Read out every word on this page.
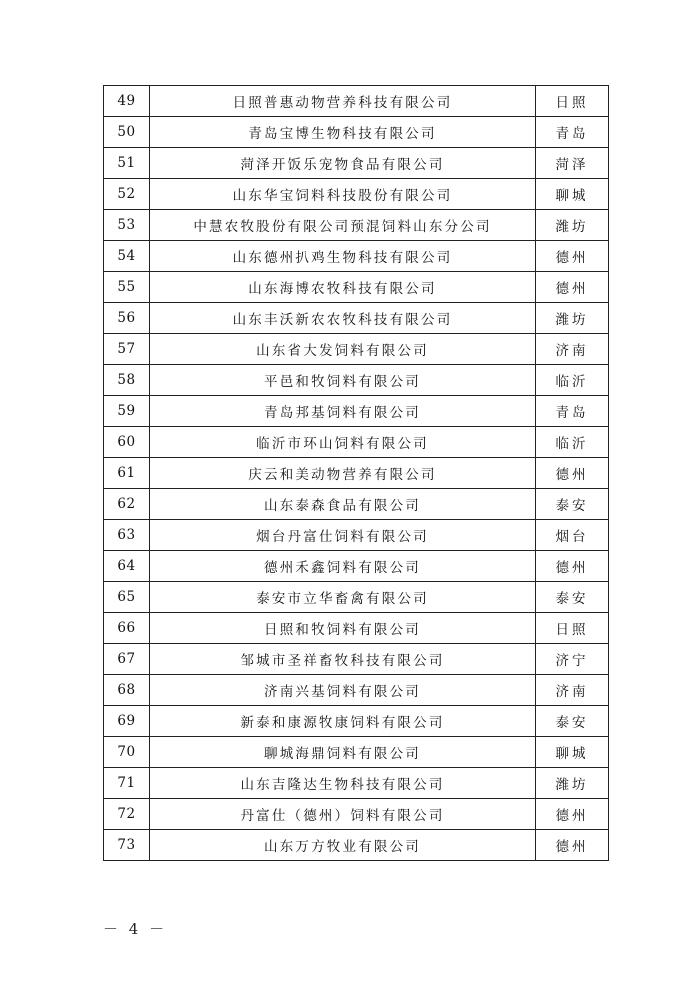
49	日照普惠动物营养科技有限公司	日照
50	青岛宝博生物科技有限公司	青岛
51	菏泽开饭乐宠物食品有限公司	菏泽
52	山东华宝饲料科技股份有限公司	聊城
53	中慧农牧股份有限公司预混饲料山东分公司	潍坊
54	山东德州扒鸡生物科技有限公司	德州
55	山东海博农牧科技有限公司	德州
56	山东丰沃新农农牧科技有限公司	潍坊
57	山东省大发饲料有限公司	济南
58	平邑和牧饲料有限公司	临沂
59	青岛邦基饲料有限公司	青岛
60	临沂市环山饲料有限公司	临沂
61	庆云和美动物营养有限公司	德州
62	山东泰森食品有限公司	泰安
63	烟台丹富仕饲料有限公司	烟台
64	德州禾鑫饲料有限公司	德州
65	泰安市立华畜禽有限公司	泰安
66	日照和牧饲料有限公司	日照
67	邹城市圣祥畜牧科技有限公司	济宁
68	济南兴基饲料有限公司	济南
69	新泰和康源牧康饲料有限公司	泰安
70	聊城海鼎饲料有限公司	聊城
71	山东吉隆达生物科技有限公司	潍坊
72	丹富仕（德州）饲料有限公司	德州
73	山东万方牧业有限公司	德州
－ 4 －
